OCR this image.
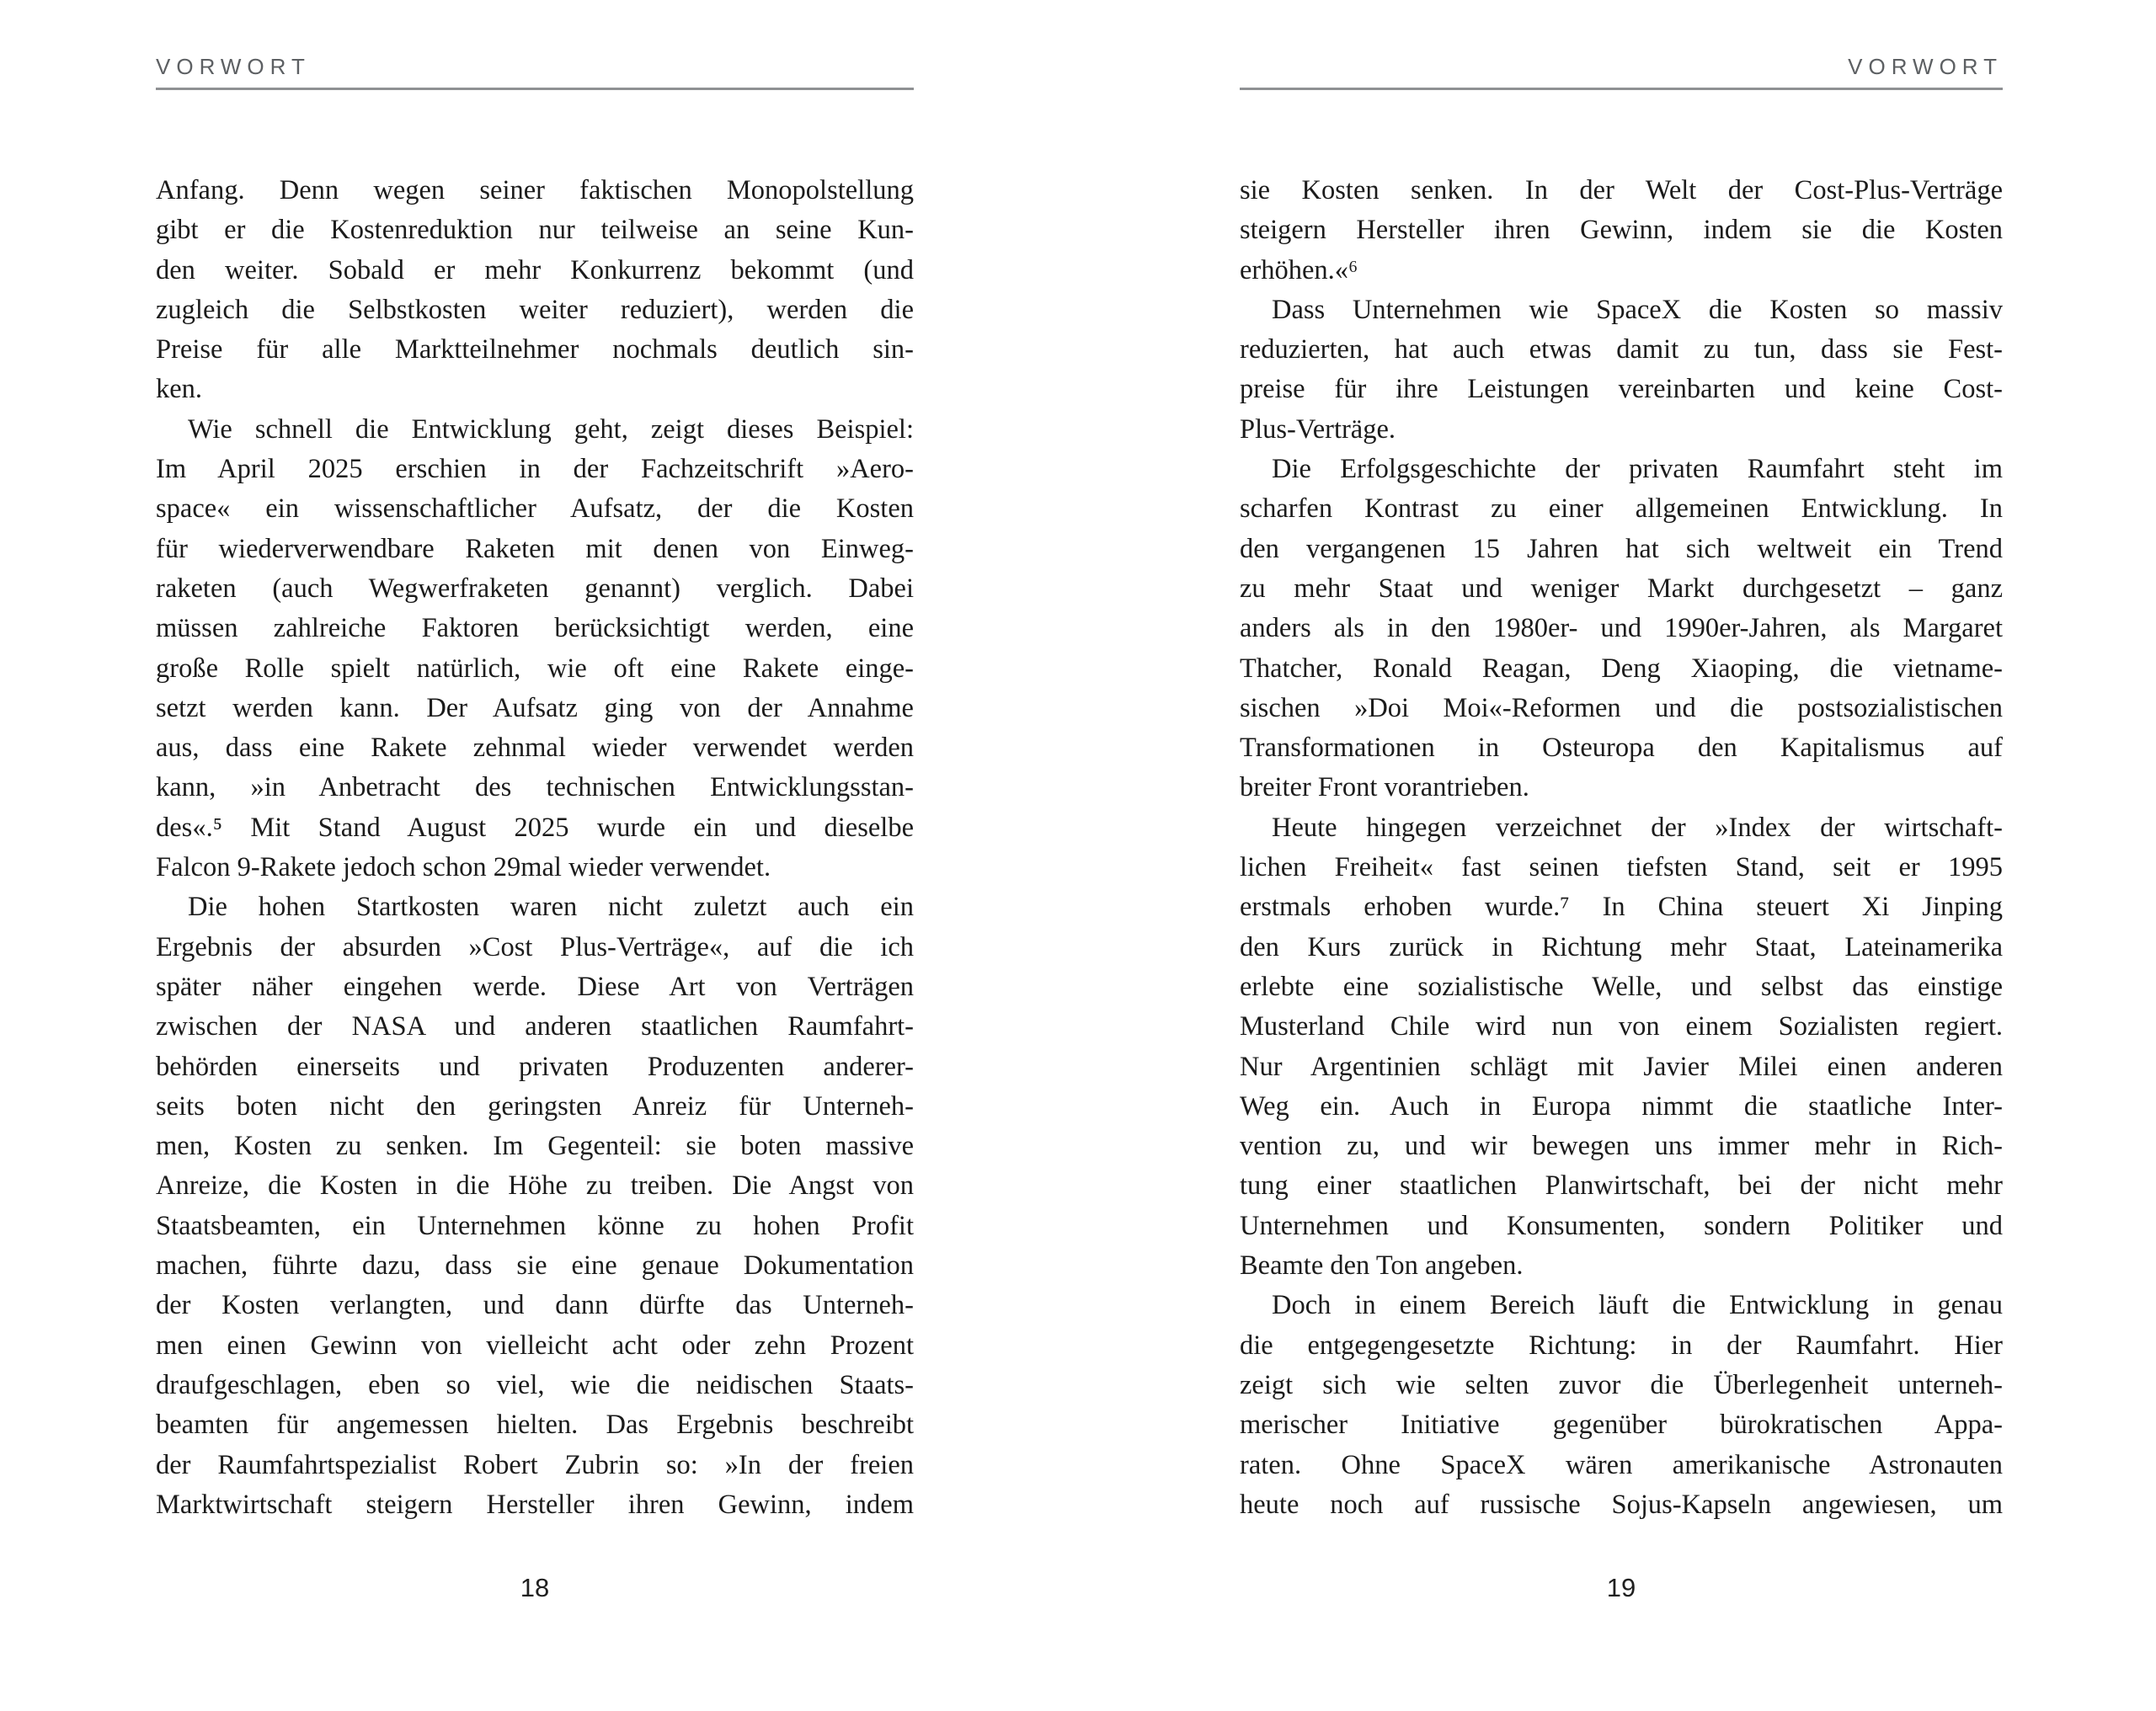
VORWORT
Anfang. Denn wegen seiner faktischen Monopolstellung
gibt er die Kostenreduktion nur teilweise an seine Kun-
den weiter. Sobald er mehr Konkurrenz bekommt (und
zugleich die Selbstkosten weiter reduziert), werden die
Preise für alle Marktteilnehmer nochmals deutlich sin-
ken.
Wie schnell die Entwicklung geht, zeigt dieses Beispiel:
Im April 2025 erschien in der Fachzeitschrift »Aero-
space« ein wissenschaftlicher Aufsatz, der die Kosten
für wiederverwendbare Raketen mit denen von Einweg-
raketen (auch Wegwerfraketen genannt) verglich. Dabei
müssen zahlreiche Faktoren berücksichtigt werden, eine
große Rolle spielt natürlich, wie oft eine Rakete einge-
setzt werden kann. Der Aufsatz ging von der Annahme
aus, dass eine Rakete zehnmal wieder verwendet werden
kann, »in Anbetracht des technischen Entwicklungsstan-
des«.⁵ Mit Stand August 2025 wurde ein und dieselbe
Falcon 9-Rakete jedoch schon 29mal wieder verwendet.
Die hohen Startkosten waren nicht zuletzt auch ein
Ergebnis der absurden »Cost Plus-Verträge«, auf die ich
später näher eingehen werde. Diese Art von Verträgen
zwischen der NASA und anderen staatlichen Raumfahrt-
behörden einerseits und privaten Produzenten anderer-
seits boten nicht den geringsten Anreiz für Unterneh-
men, Kosten zu senken. Im Gegenteil: sie boten massive
Anreize, die Kosten in die Höhe zu treiben. Die Angst von
Staatsbeamten, ein Unternehmen könne zu hohen Profit
machen, führte dazu, dass sie eine genaue Dokumentation
der Kosten verlangten, und dann dürfte das Unterneh-
men einen Gewinn von vielleicht acht oder zehn Prozent
draufgeschlagen, eben so viel, wie die neidischen Staats-
beamten für angemessen hielten. Das Ergebnis beschreibt
der Raumfahrtspezialist Robert Zubrin so: »In der freien
Marktwirtschaft steigern Hersteller ihren Gewinn, indem
18
VORWORT
sie Kosten senken. In der Welt der Cost-Plus-Verträge
steigern Hersteller ihren Gewinn, indem sie die Kosten
erhöhen.«⁶
Dass Unternehmen wie SpaceX die Kosten so massiv
reduzierten, hat auch etwas damit zu tun, dass sie Fest-
preise für ihre Leistungen vereinbarten und keine Cost-
Plus-Verträge.
Die Erfolgsgeschichte der privaten Raumfahrt steht im
scharfen Kontrast zu einer allgemeinen Entwicklung. In
den vergangenen 15 Jahren hat sich weltweit ein Trend
zu mehr Staat und weniger Markt durchgesetzt – ganz
anders als in den 1980er- und 1990er-Jahren, als Margaret
Thatcher, Ronald Reagan, Deng Xiaoping, die vietname-
sischen »Doi Moi«-Reformen und die postsozialistischen
Transformationen in Osteuropa den Kapitalismus auf
breiter Front vorantrieben.
Heute hingegen verzeichnet der »Index der wirtschaft-
lichen Freiheit« fast seinen tiefsten Stand, seit er 1995
erstmals erhoben wurde.⁷ In China steuert Xi Jinping
den Kurs zurück in Richtung mehr Staat, Lateinamerika
erlebte eine sozialistische Welle, und selbst das einstige
Musterland Chile wird nun von einem Sozialisten regiert.
Nur Argentinien schlägt mit Javier Milei einen anderen
Weg ein. Auch in Europa nimmt die staatliche Inter-
vention zu, und wir bewegen uns immer mehr in Rich-
tung einer staatlichen Planwirtschaft, bei der nicht mehr
Unternehmen und Konsumenten, sondern Politiker und
Beamte den Ton angeben.
Doch in einem Bereich läuft die Entwicklung in genau
die entgegengesetzte Richtung: in der Raumfahrt. Hier
zeigt sich wie selten zuvor die Überlegenheit unterneh-
merischer Initiative gegenüber bürokratischen Appa-
raten. Ohne SpaceX wären amerikanische Astronauten
heute noch auf russische Sojus-Kapseln angewiesen, um
19
